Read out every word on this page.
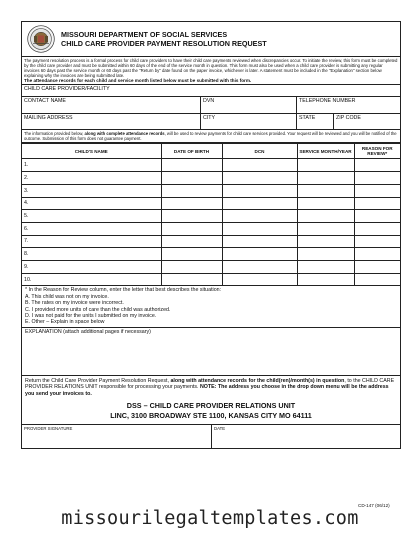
MISSOURI DEPARTMENT OF SOCIAL SERVICES
CHILD CARE PROVIDER PAYMENT RESOLUTION REQUEST
The payment resolution process is a formal process for child care providers to have their child care payments reviewed when discrepancies occur. To initiate the review, this form must be completed by the child care provider and must be submitted within 60 days of the end of the service month in question. This form must also be used when a child care provider is submitting any regular invoices 60 days past the service month or 60 days past the "Return by" date found on the paper invoice, whichever is later. A statement must be included in the "Explanation" section below explaining why the invoices are being submitted late.
The attendance records for each child and service month listed below must be submitted with this form.
CHILD CARE PROVIDER/FACILITY
CONTACT NAME	DVN	TELEPHONE NUMBER
MAILING ADDRESS	CITY	STATE	ZIP CODE
The information provided below, along with complete attendance records, will be used to review payments for child care services provided. Your request will be reviewed and you will be notified of the outcome. Submission of this form does not guarantee payment.
CHILD'S NAME	DATE OF BIRTH	DCN	SERVICE MONTH/YEAR	REASON FOR REVIEW*
1.				
2.				
3.				
4.				
5.				
6.				
7.				
8.				
9.				
10.				
* In the Reason for Review column, enter the letter that best describes the situation:
A. This child was not on my invoice.
B. The rates on my invoice were incorrect.
C. I provided more units of care than the child was authorized.
D. I was not paid for the units I submitted on my invoice.
E. Other – Explain in space below
EXPLANATION (attach additional pages if necessary)
Return the Child Care Provider Payment Resolution Request, along with attendance records for the child(ren)/month(s) in question, to the CHILD CARE PROVIDER RELATIONS UNIT responsible for processing your payments. NOTE: The address you choose in the drop down menu will be the address you send your invoices to.
DSS – CHILD CARE PROVIDER RELATIONS UNIT
LINC, 3100 BROADWAY STE 1100, KANSAS CITY MO 64111
PROVIDER SIGNATURE	DATE
CD-147 (06/12)
missourilegaltemplates.com
